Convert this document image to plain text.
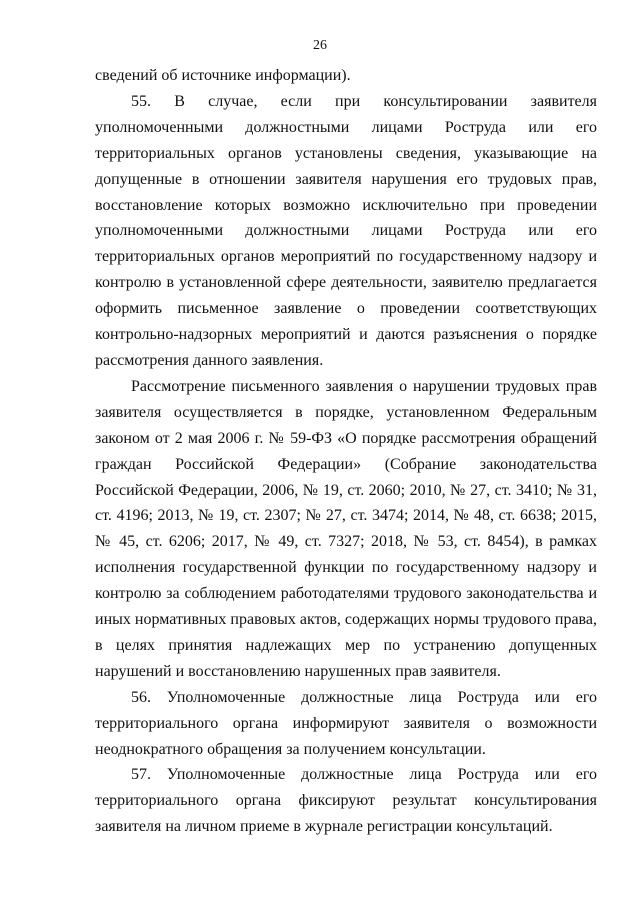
26

сведений об источнике информации).

55. В случае, если при консультировании заявителя уполномоченными должностными лицами Роструда или его территориальных органов установлены сведения, указывающие на допущенные в отношении заявителя нарушения его трудовых прав, восстановление которых возможно исключительно при проведении уполномоченными должностными лицами Роструда или его территориальных органов мероприятий по государственному надзору и контролю в установленной сфере деятельности, заявителю предлагается оформить письменное заявление о проведении соответствующих контрольно-надзорных мероприятий и даются разъяснения о порядке рассмотрения данного заявления.

Рассмотрение письменного заявления о нарушении трудовых прав заявителя осуществляется в порядке, установленном Федеральным законом от 2 мая 2006 г. № 59-ФЗ «О порядке рассмотрения обращений граждан Российской Федерации» (Собрание законодательства Российской Федерации, 2006, № 19, ст. 2060; 2010, № 27, ст. 3410; № 31, ст. 4196; 2013, № 19, ст. 2307; № 27, ст. 3474; 2014, № 48, ст. 6638; 2015, № 45, ст. 6206; 2017, № 49, ст. 7327; 2018, № 53, ст. 8454), в рамках исполнения государственной функции по государственному надзору и контролю за соблюдением работодателями трудового законодательства и иных нормативных правовых актов, содержащих нормы трудового права, в целях принятия надлежащих мер по устранению допущенных нарушений и восстановлению нарушенных прав заявителя.

56. Уполномоченные должностные лица Роструда или его территориального органа информируют заявителя о возможности неоднократного обращения за получением консультации.

57. Уполномоченные должностные лица Роструда или его территориального органа фиксируют результат консультирования заявителя на личном приеме в журнале регистрации консультаций.
